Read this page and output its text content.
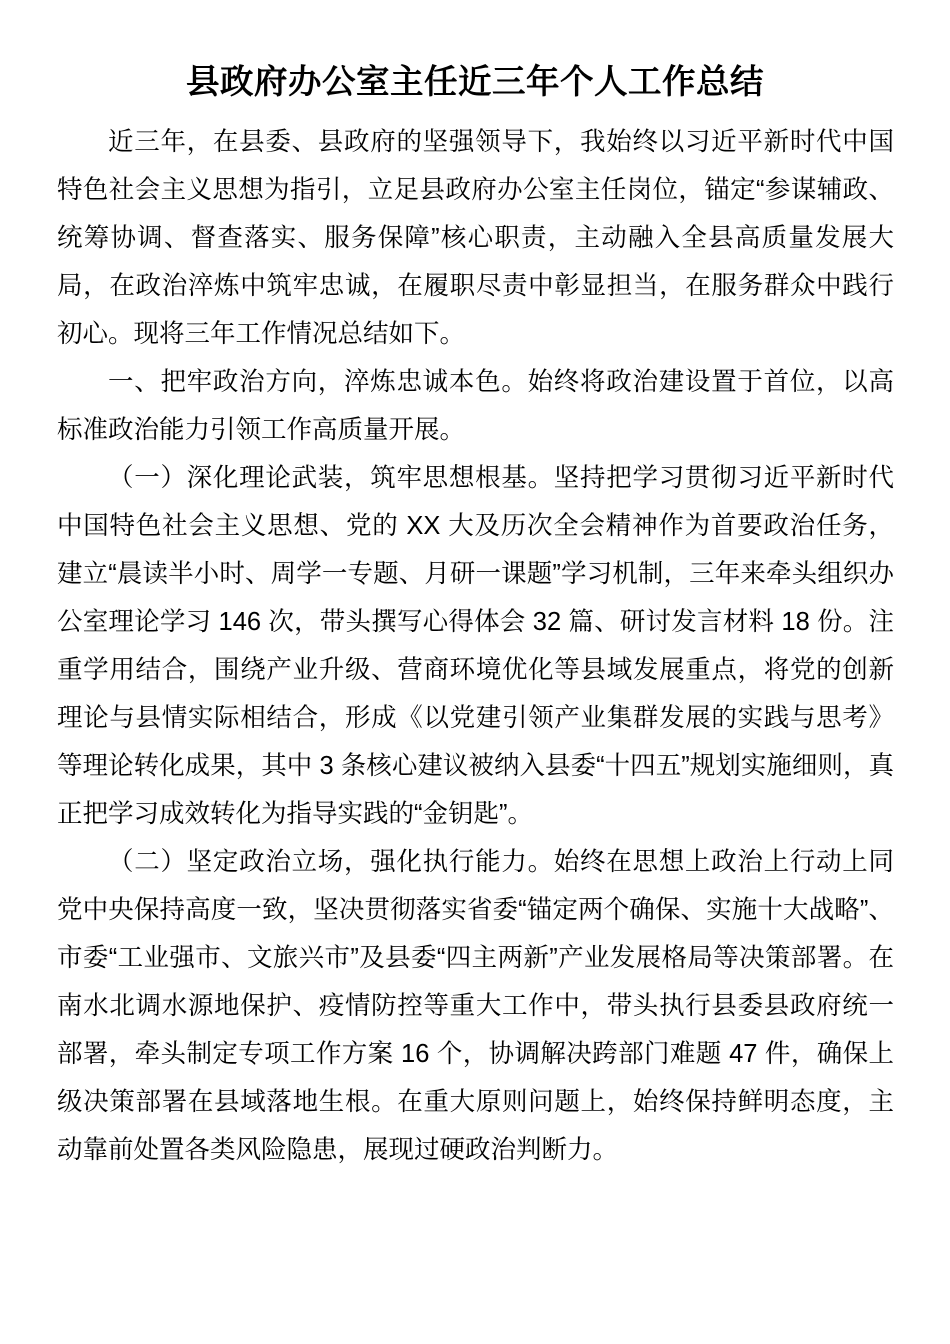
县政府办公室主任近三年个人工作总结

近三年，在县委、县政府的坚强领导下，我始终以习近平新时代中国特色社会主义思想为指引，立足县政府办公室主任岗位，锚定“参谋辅政、统筹协调、督查落实、服务保障”核心职责，主动融入全县高质量发展大局，在政治淬炼中筑牢忠诚，在履职尽责中彰显担当，在服务群众中践行初心。现将三年工作情况总结如下。

一、把牢政治方向，淬炼忠诚本色。始终将政治建设置于首位，以高标准政治能力引领工作高质量开展。

（一）深化理论武装，筑牢思想根基。坚持把学习贯彻习近平新时代中国特色社会主义思想、党的 XX 大及历次全会精神作为首要政治任务，建立“晨读半小时、周学一专题、月研一课题”学习机制，三年来牵头组织办公室理论学习 146 次，带头撰写心得体会 32 篇、研讨发言材料 18 份。注重学用结合，围绕产业升级、营商环境优化等县域发展重点，将党的创新理论与县情实际相结合，形成《以党建引领产业集群发展的实践与思考》等理论转化成果，其中 3 条核心建议被纳入县委“十四五”规划实施细则，真正把学习成效转化为指导实践的“金钥匙”。

（二）坚定政治立场，强化执行能力。始终在思想上政治上行动上同党中央保持高度一致，坚决贯彻落实省委“锚定两个确保、实施十大战略”、市委“工业强市、文旅兴市”及县委“四主两新”产业发展格局等决策部署。在南水北调水源地保护、疫情防控等重大工作中，带头执行县委县政府统一部署，牵头制定专项工作方案 16 个，协调解决跨部门难题 47 件，确保上级决策部署在县域落地生根。在重大原则问题上，始终保持鲜明态度，主动靠前处置各类风险隐患，展现过硬政治判断力。
